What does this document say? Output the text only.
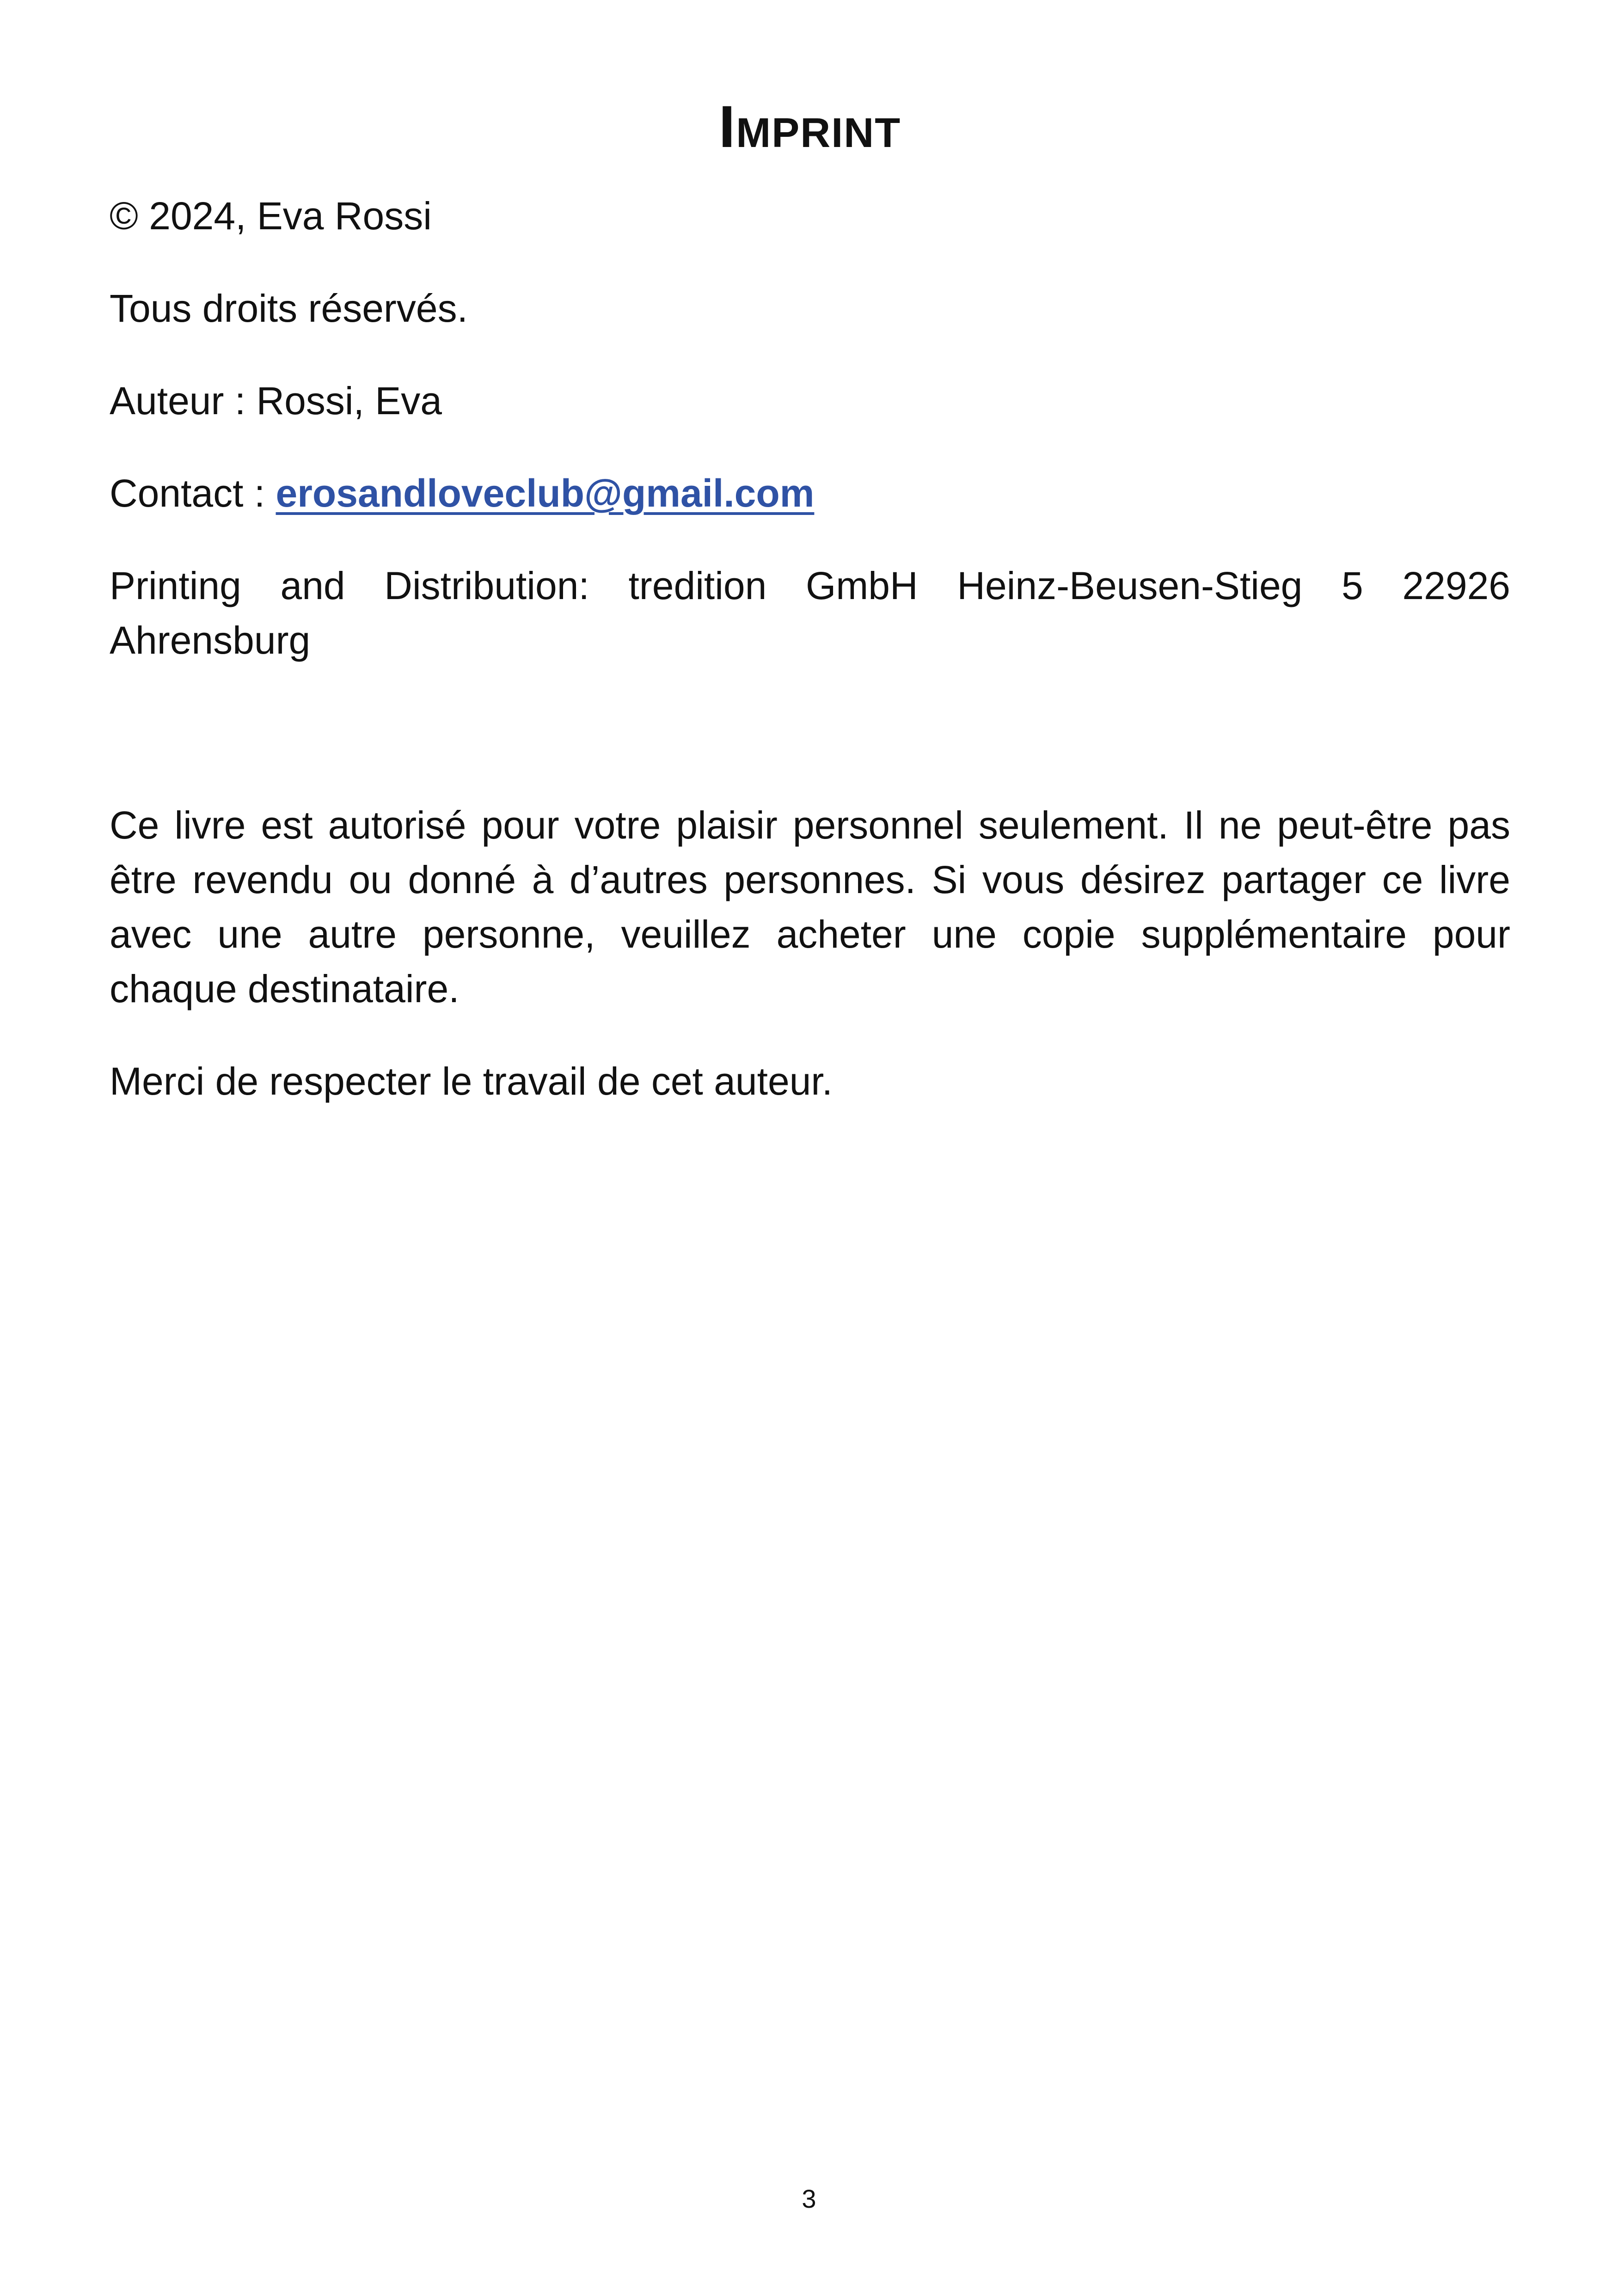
Imprint

© 2024, Eva Rossi

Tous droits réservés.

Auteur : Rossi, Eva

Contact : erosandloveclub@gmail.com

Printing and Distribution: tredition GmbH Heinz-Beusen-Stieg 5 22926 Ahrensburg

Ce livre est autorisé pour votre plaisir personnel seulement. Il ne peut-être pas être revendu ou donné à d’autres personnes. Si vous désirez partager ce livre avec une autre personne, veuillez acheter une copie supplémentaire pour chaque destinataire.

Merci de respecter le travail de cet auteur.

3
